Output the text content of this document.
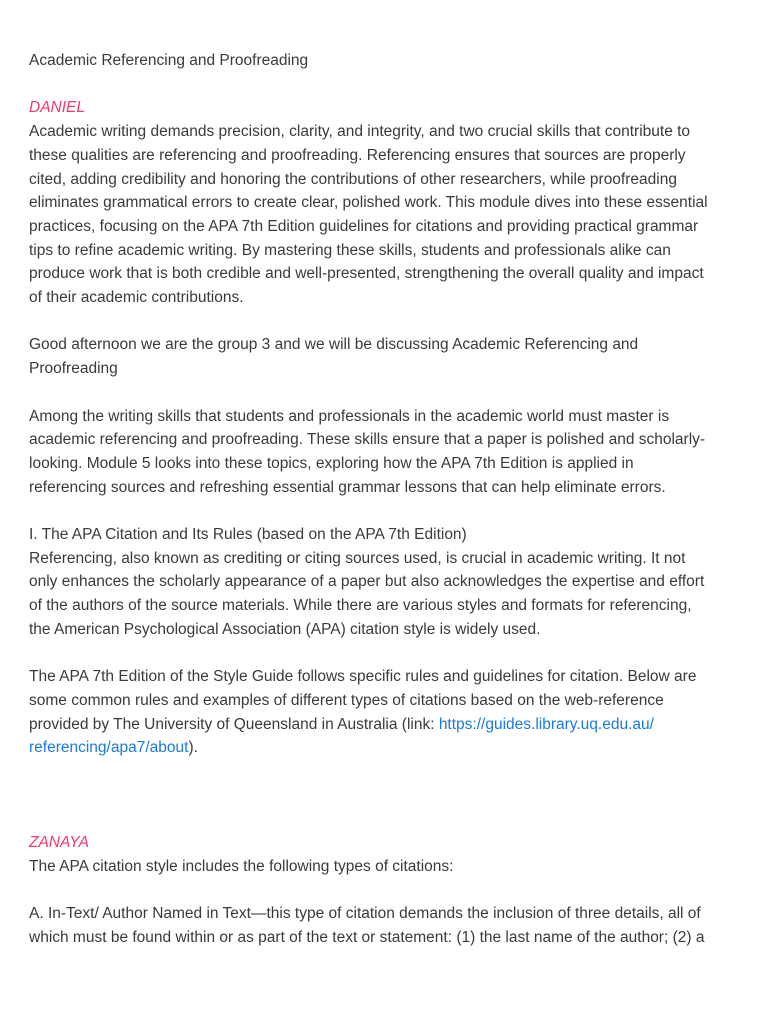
Academic Referencing and Proofreading
DANIEL
Academic writing demands precision, clarity, and integrity, and two crucial skills that contribute to
these qualities are referencing and proofreading. Referencing ensures that sources are properly
cited, adding credibility and honoring the contributions of other researchers, while proofreading
eliminates grammatical errors to create clear, polished work. This module dives into these essential
practices, focusing on the APA 7th Edition guidelines for citations and providing practical grammar
tips to refine academic writing. By mastering these skills, students and professionals alike can
produce work that is both credible and well-presented, strengthening the overall quality and impact
of their academic contributions.
Good afternoon we are the group 3 and we will be discussing Academic Referencing and
Proofreading
Among the writing skills that students and professionals in the academic world must master is
academic referencing and proofreading. These skills ensure that a paper is polished and scholarly-
looking. Module 5 looks into these topics, exploring how the APA 7th Edition is applied in
referencing sources and refreshing essential grammar lessons that can help eliminate errors.
I. The APA Citation and Its Rules (based on the APA 7th Edition)
Referencing, also known as crediting or citing sources used, is crucial in academic writing. It not
only enhances the scholarly appearance of a paper but also acknowledges the expertise and effort
of the authors of the source materials. While there are various styles and formats for referencing,
the American Psychological Association (APA) citation style is widely used.
The APA 7th Edition of the Style Guide follows specific rules and guidelines for citation. Below are
some common rules and examples of different types of citations based on the web-reference
provided by The University of Queensland in Australia (link: https://guides.library.uq.edu.au/
referencing/apa7/about).
ZANAYA
The APA citation style includes the following types of citations:
A. In-Text/ Author Named in Text—this type of citation demands the inclusion of three details, all of
which must be found within or as part of the text or statement: (1) the last name of the author; (2) a
